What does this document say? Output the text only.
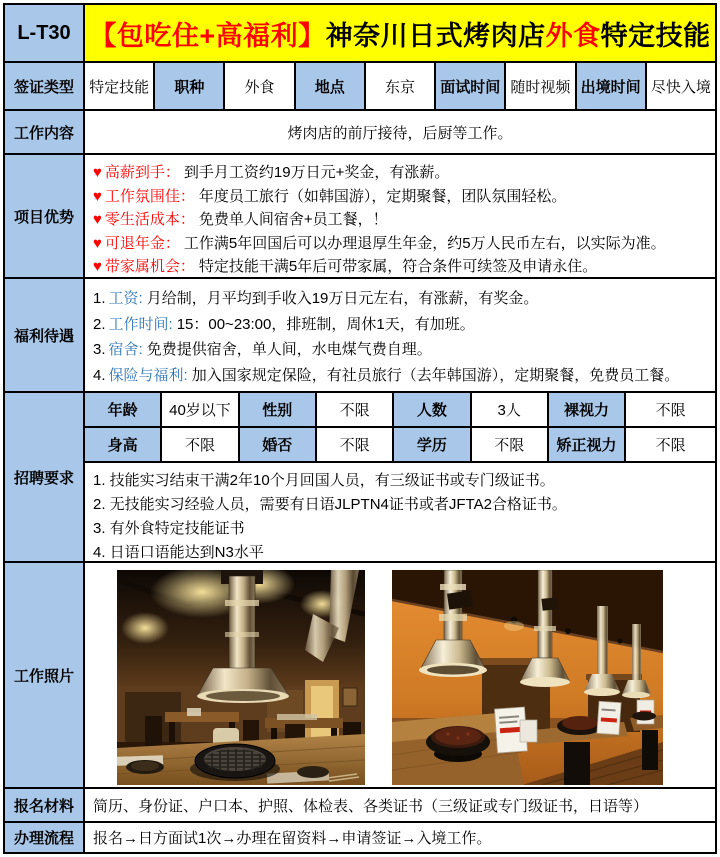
L-T30 【包吃住+高福利】 神奈川日式烤肉店 外食 特定技能
签证类型	特定技能	职种	外食	地点	东京	面试时间 随时视频 出境时间 尽快入境
工作内容	烤肉店的前厅接待，后厨等工作。
项目优势
♥ 高薪到手： 到手月工资约19万日元+奖金，有涨薪。
♥ 工作氛围佳： 年度员工旅行（如韩国游），定期聚餐，团队氛围轻松。
♥ 零生活成本： 免费单人间宿舍+员工餐，！
♥ 可退年金： 工作满5年回国后可以办理退厚生年金，约5万人民币左右，以实际为准。
♥ 带家属机会： 特定技能干满5年后可带家属，符合条件可续签及申请永住。
福利待遇
1. 工资: 月给制，月平均到手收入19万日元左右，有涨薪，有奖金。
2. 工作时间: 15：00~23:00，排班制，周休1天，有加班。
3. 宿舍: 免费提供宿舍，单人间，水电煤气费自理。
4. 保险与福利: 加入国家规定保险，有社员旅行（去年韩国游），定期聚餐，免费员工餐。
招聘要求
年龄	40岁以下	性别	不限	人数	3人	裸视力	不限
身高	不限	婚否	不限	学历	不限	矫正视力	不限
1. 技能实习结束干满2年10个月回国人员，有三级证书或专门级证书。
2. 无技能实习经验人员，需要有日语JLPTN4证书或者JFTA2合格证书。
3. 有外食特定技能证书
4. 日语口语能达到N3水平
工作照片
报名材料	简历、身份证、户口本、护照、体检表、各类证书（三级证或专门级证书，日语等）
办理流程	报名→日方面试1次→办理在留资料→申请签证→入境工作。
